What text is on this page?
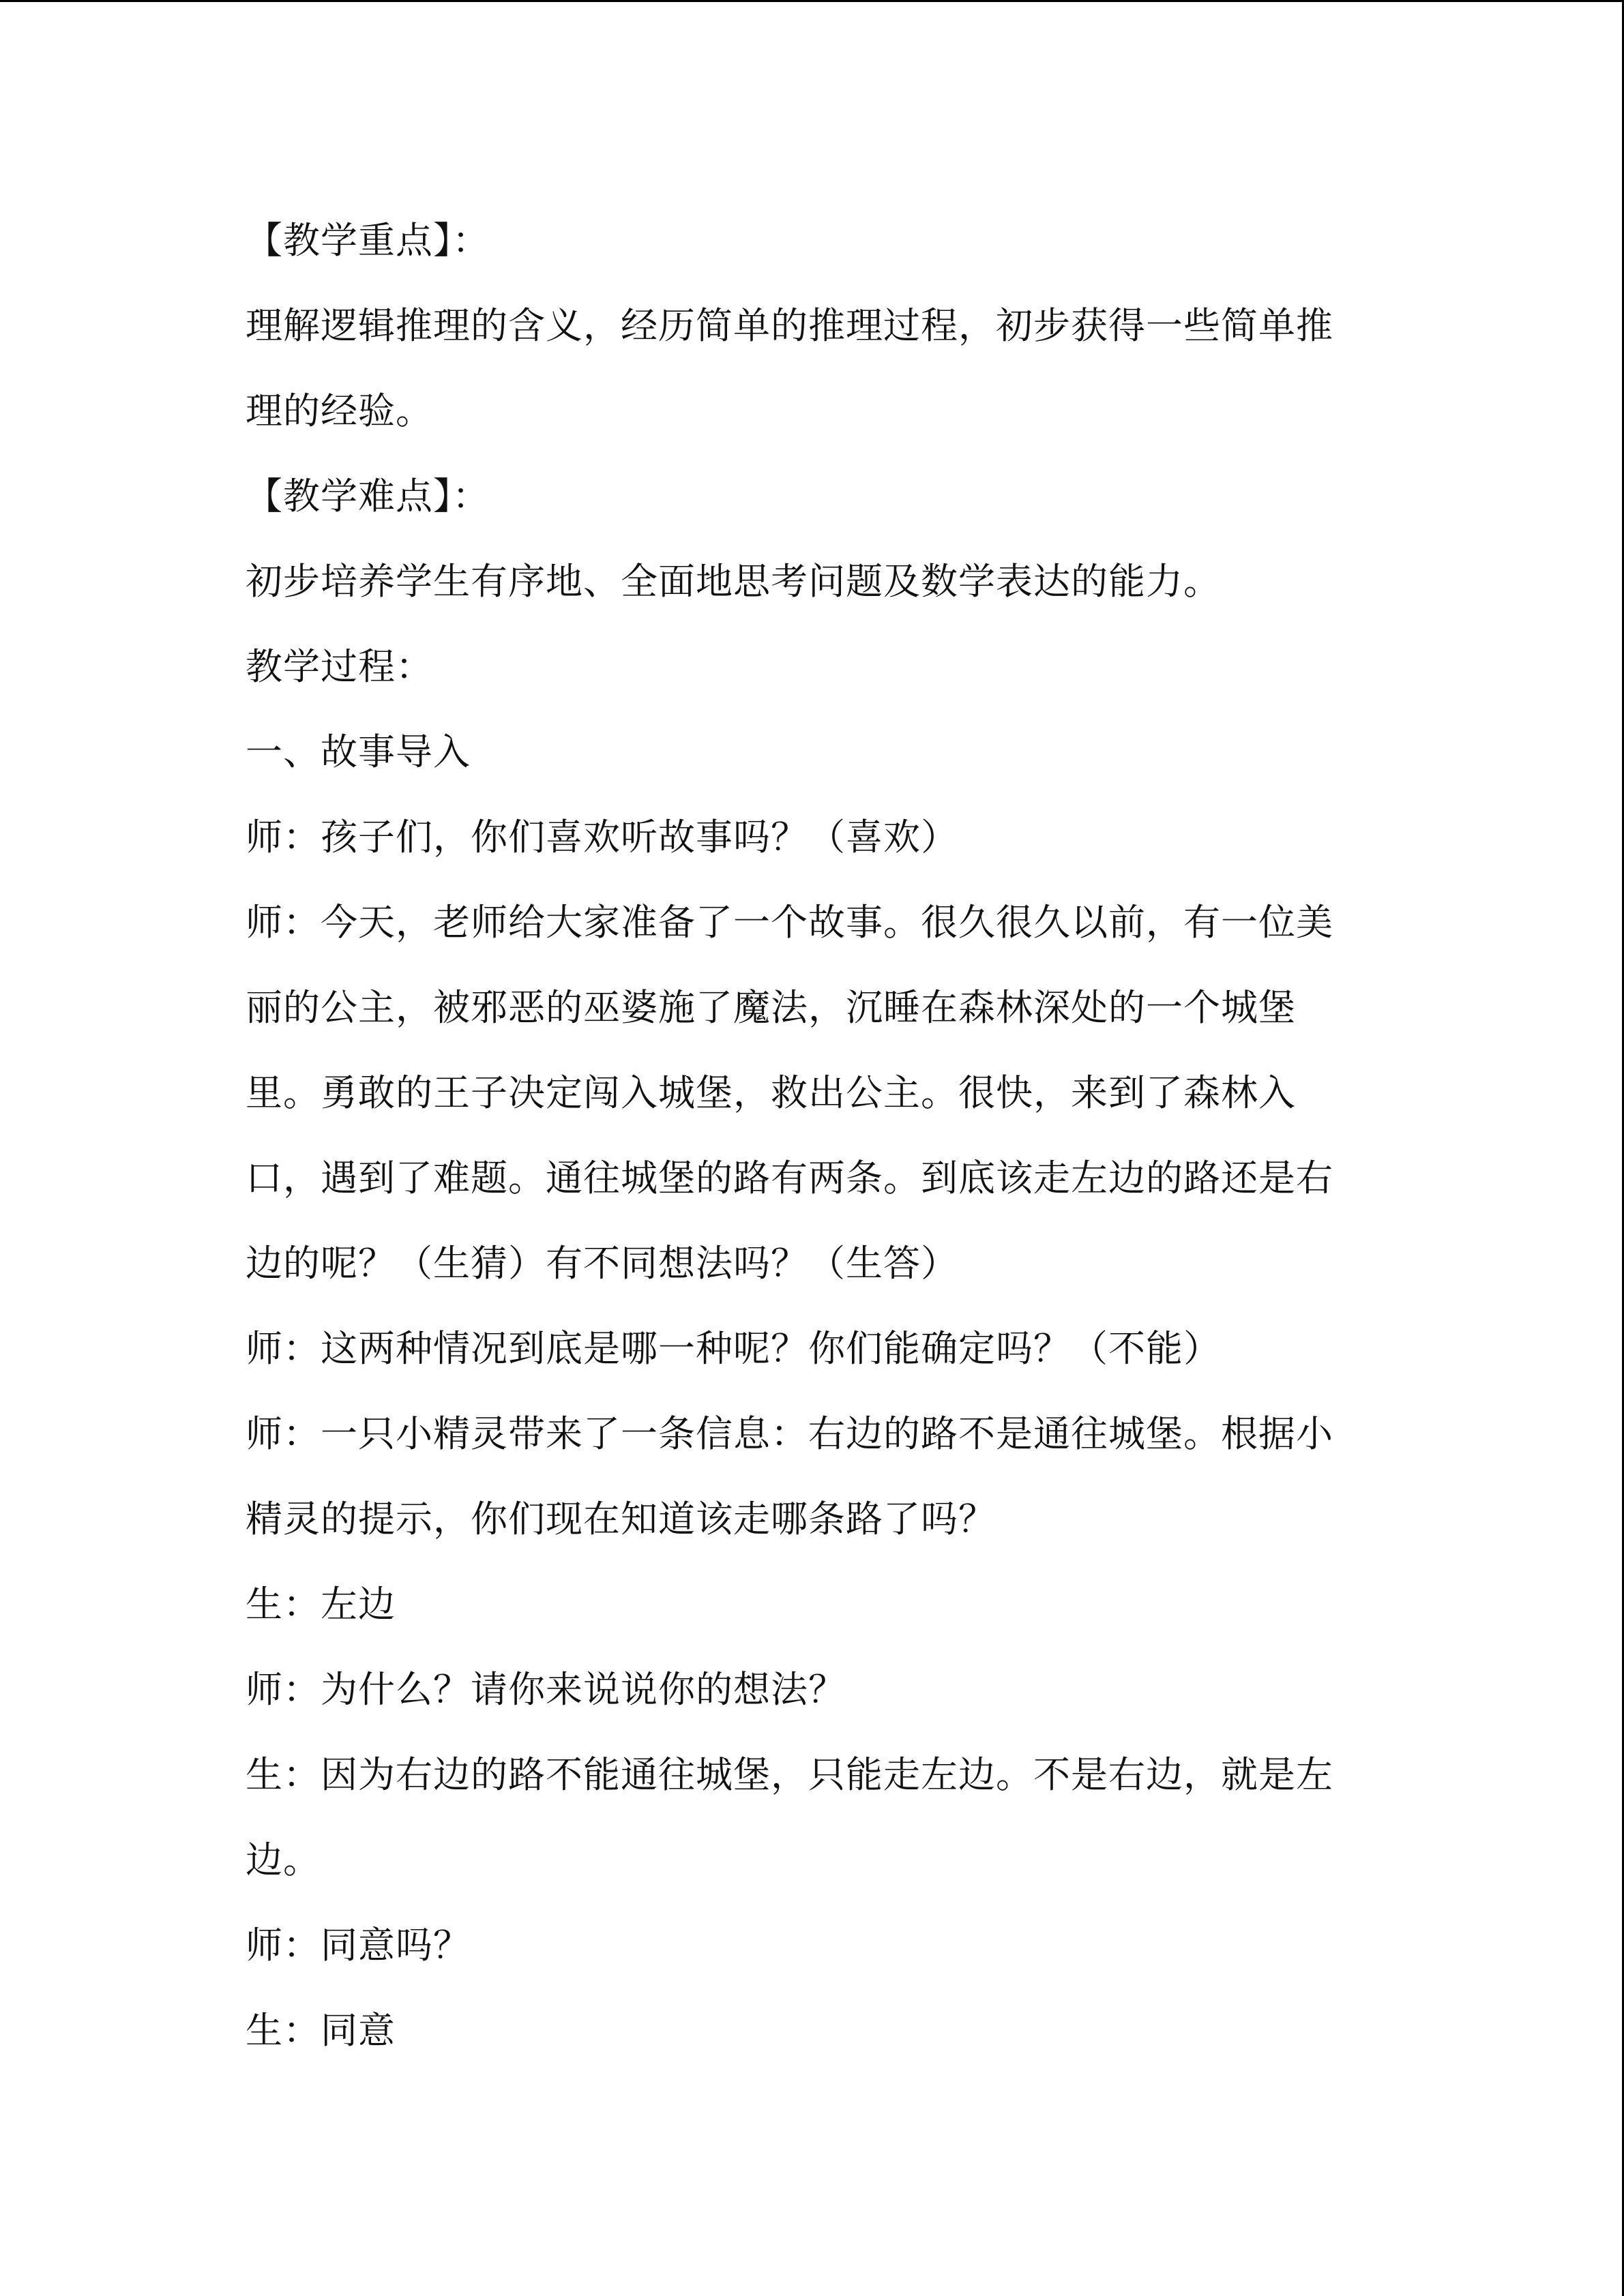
【教学重点】：
理解逻辑推理的含义，经历简单的推理过程，初步获得一些简单推
理的经验。
【教学难点】：
初步培养学生有序地、全面地思考问题及数学表达的能力。
教学过程：
一、故事导入
师：孩子们，你们喜欢听故事吗？（喜欢）
师：今天，老师给大家准备了一个故事。很久很久以前，有一位美
丽的公主，被邪恶的巫婆施了魔法，沉睡在森林深处的一个城堡
里。勇敢的王子决定闯入城堡，救出公主。很快，来到了森林入
口，遇到了难题。通往城堡的路有两条。到底该走左边的路还是右
边的呢？（生猜）有不同想法吗？（生答）
师：这两种情况到底是哪一种呢？你们能确定吗？（不能）
师：一只小精灵带来了一条信息：右边的路不是通往城堡。根据小
精灵的提示，你们现在知道该走哪条路了吗？
生：左边
师：为什么？请你来说说你的想法？
生：因为右边的路不能通往城堡，只能走左边。不是右边，就是左
边。
师：同意吗？
生：同意
